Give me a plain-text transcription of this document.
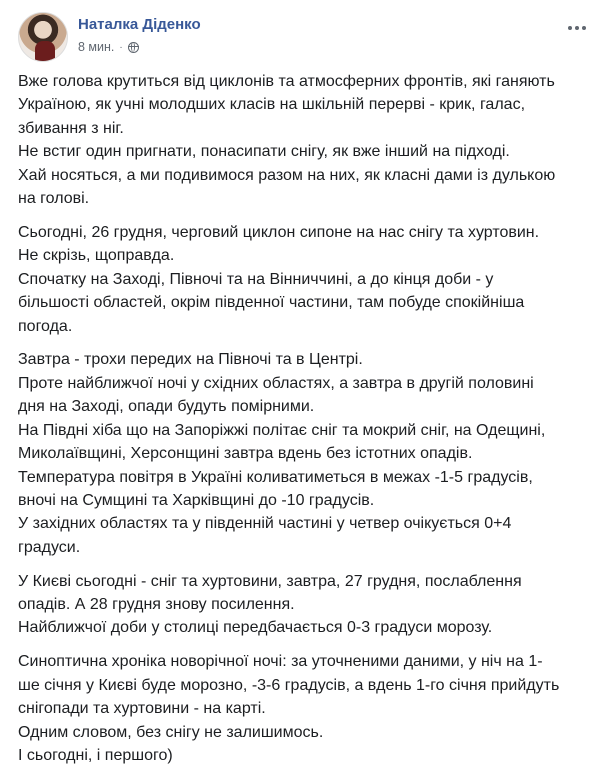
Наталка Діденко
8 мин. ·

Вже голова крутиться від циклонів та атмосферних фронтів, які ганяють
Україною, як учні молодших класів на шкільній перерві - крик, галас,
збивання з ніг.
Не встиг один пригнати, понасипати снігу, як вже інший на підході.
Хай носяться, а ми подивимося разом на них, як класні дами із дулькою
на голові.

Сьогодні, 26 грудня, черговий циклон сипоне на нас снігу та хуртовин.
Не скрізь, щоправда.
Спочатку на Заході, Півночі та на Вінниччині, а до кінця доби - у
більшості областей, окрім південної частини, там побуде спокійніша
погода.

Завтра - трохи передих на Півночі та в Центрі.
Проте найближчої ночі у східних областях, а завтра в другій половині
дня на Заході, опади будуть помірними.
На Півдні хіба що на Запоріжжі політає сніг та мокрий сніг, на Одещині,
Миколаївщині, Херсонщині завтра вдень без істотних опадів.
Температура повітря в Україні коливатиметься в межах -1-5 градусів,
вночі на Сумщині та Харківщині до -10 градусів.
У західних областях та у південній частині у четвер очікується 0+4
градуси.

У Києві сьогодні - сніг та хуртовини, завтра, 27 грудня, послаблення
опадів. А 28 грудня знову посилення.
Найближчої доби у столиці передбачається 0-3 градуси морозу.

Синоптична хроніка новорічної ночі: за уточненими даними, у ніч на 1-
ше січня у Києві буде морозно, -3-6 градусів, а вдень 1-го січня прийдуть
снігопади та хуртовини - на карті.
Одним словом, без снігу не залишимось.
І сьогодні, і першого)
